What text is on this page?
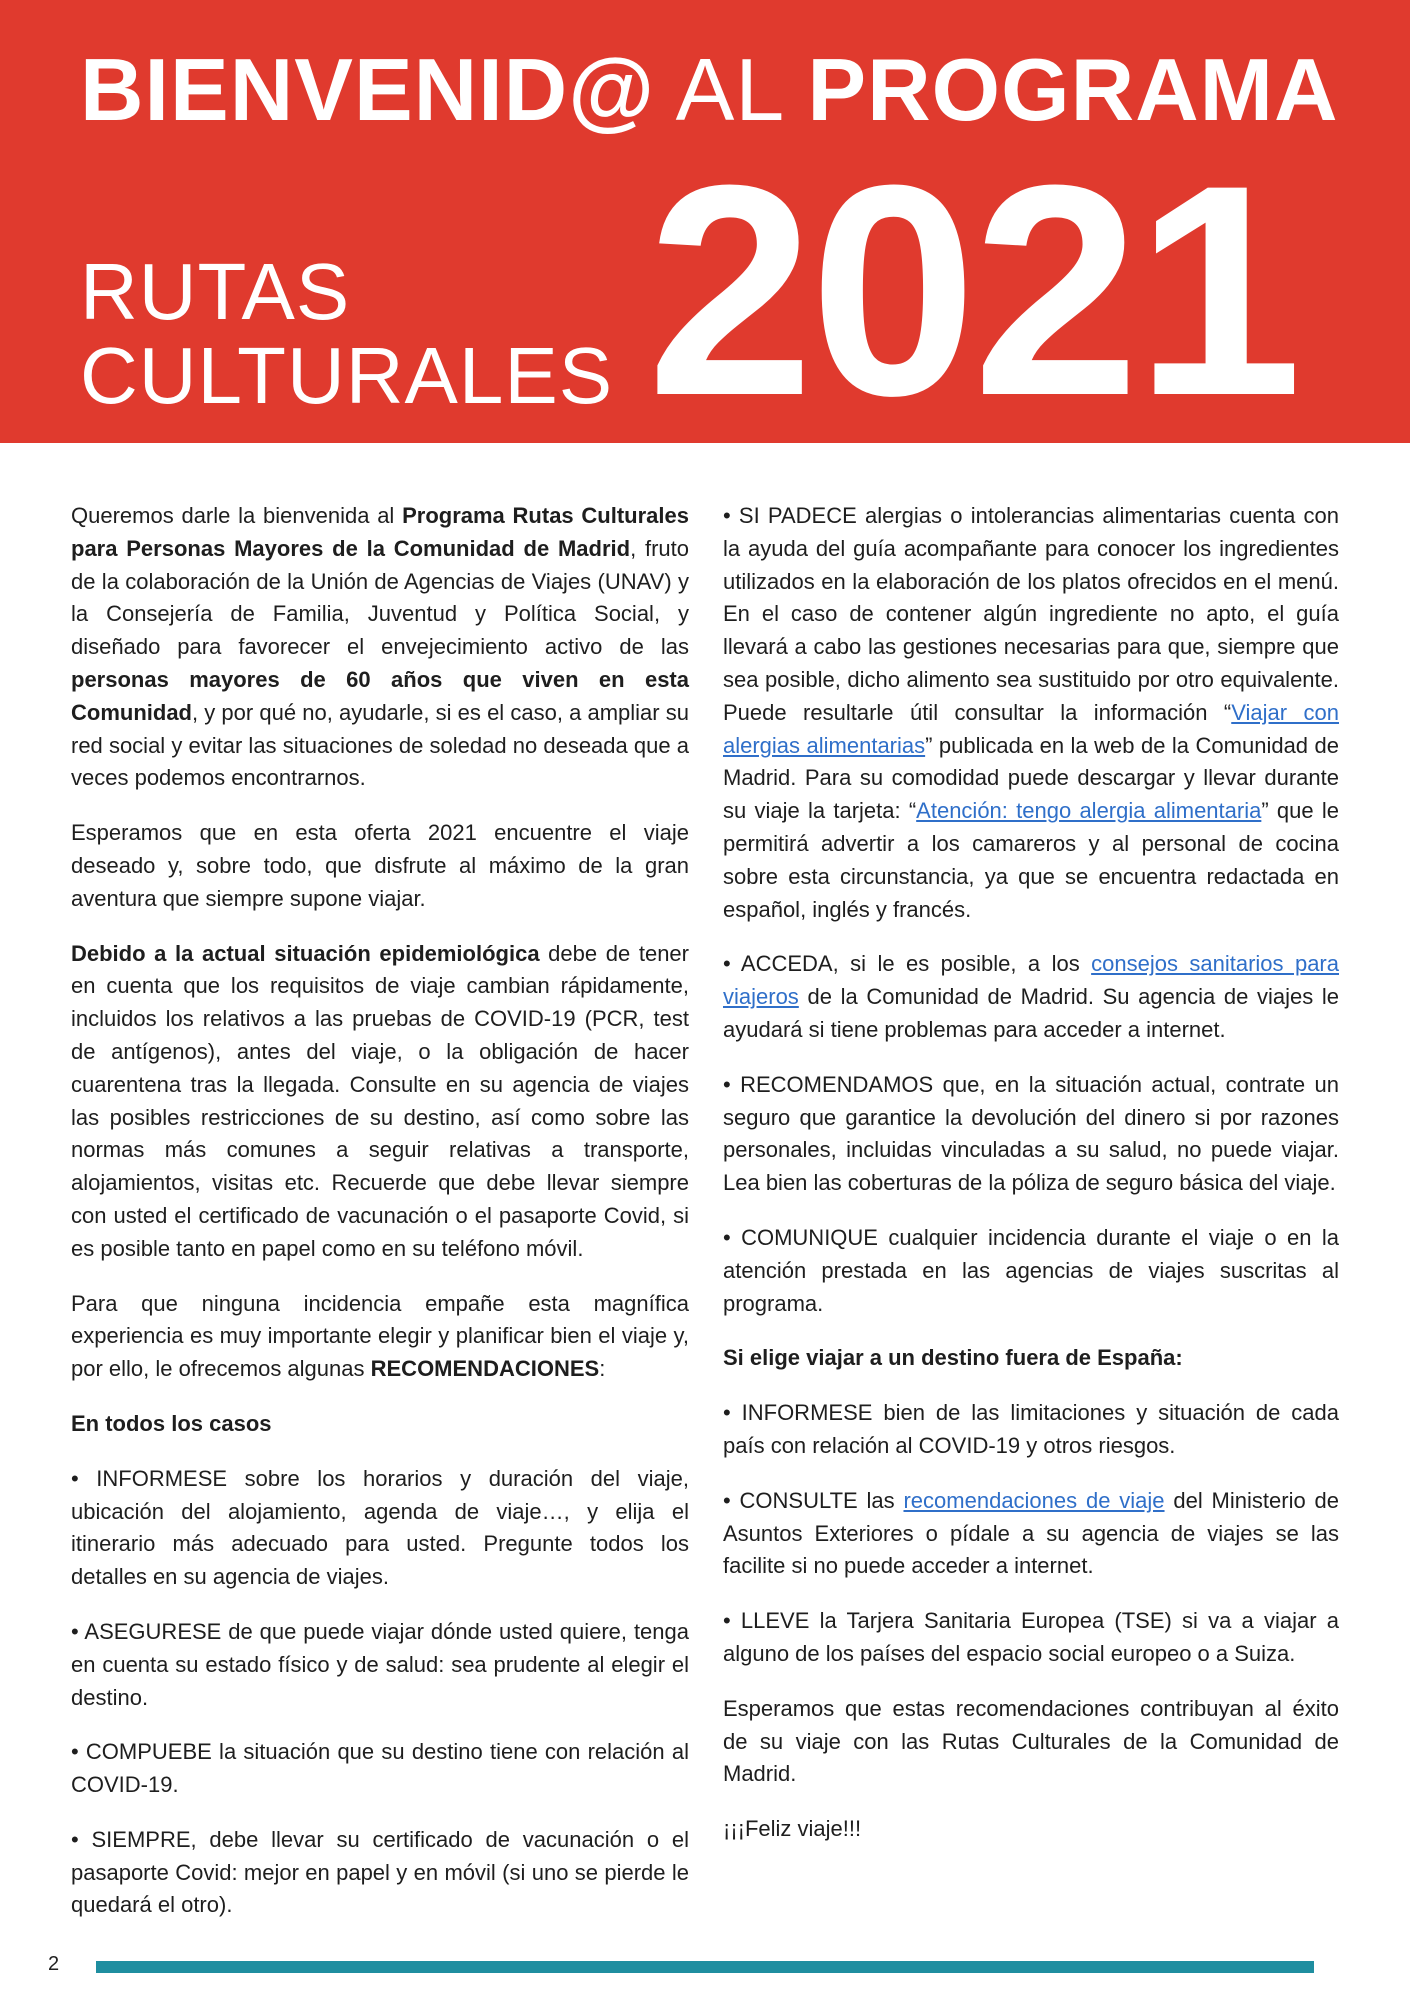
BIENVENID@ AL PROGRAMA
RUTAS
CULTURALES 2021

Queremos darle la bienvenida al Programa Rutas Culturales para Personas Mayores de la Comunidad de Madrid, fruto de la colaboración de la Unión de Agencias de Viajes (UNAV) y la Consejería de Familia, Juventud y Política Social, y diseñado para favorecer el envejecimiento activo de las personas mayores de 60 años que viven en esta Comunidad, y por qué no, ayudarle, si es el caso, a ampliar su red social y evitar las situaciones de soledad no deseada que a veces podemos encontrarnos.

Esperamos que en esta oferta 2021 encuentre el viaje deseado y, sobre todo, que disfrute al máximo de la gran aventura que siempre supone viajar.

Debido a la actual situación epidemiológica debe de tener en cuenta que los requisitos de viaje cambian rápidamente, incluidos los relativos a las pruebas de COVID-19 (PCR, test de antígenos), antes del viaje, o la obligación de hacer cuarentena tras la llegada. Consulte en su agencia de viajes las posibles restricciones de su destino, así como sobre las normas más comunes a seguir relativas a transporte, alojamientos, visitas etc. Recuerde que debe llevar siempre con usted el certificado de vacunación o el pasaporte Covid, si es posible tanto en papel como en su teléfono móvil.

Para que ninguna incidencia empañe esta magnífica experiencia es muy importante elegir y planificar bien el viaje y, por ello, le ofrecemos algunas RECOMENDACIONES:

En todos los casos

• INFORMESE sobre los horarios y duración del viaje, ubicación del alojamiento, agenda de viaje…, y elija el itinerario más adecuado para usted. Pregunte todos los detalles en su agencia de viajes.

• ASEGURESE de que puede viajar dónde usted quiere, tenga en cuenta su estado físico y de salud: sea prudente al elegir el destino.

• COMPUEBE la situación que su destino tiene con relación al COVID-19.

• SIEMPRE, debe llevar su certificado de vacunación o el pasaporte Covid: mejor en papel y en móvil (si uno se pierde le quedará el otro).

• SI PADECE alergias o intolerancias alimentarias cuenta con la ayuda del guía acompañante para conocer los ingredientes utilizados en la elaboración de los platos ofrecidos en el menú. En el caso de contener algún ingrediente no apto, el guía llevará a cabo las gestiones necesarias para que, siempre que sea posible, dicho alimento sea sustituido por otro equivalente. Puede resultarle útil consultar la información “Viajar con alergias alimentarias” publicada en la web de la Comunidad de Madrid. Para su comodidad puede descargar y llevar durante su viaje la tarjeta: “Atención: tengo alergia alimentaria” que le permitirá advertir a los camareros y al personal de cocina sobre esta circunstancia, ya que se encuentra redactada en español, inglés y francés.

• ACCEDA, si le es posible, a los consejos sanitarios para viajeros de la Comunidad de Madrid. Su agencia de viajes le ayudará si tiene problemas para acceder a internet.

• RECOMENDAMOS que, en la situación actual, contrate un seguro que garantice la devolución del dinero si por razones personales, incluidas vinculadas a su salud, no puede viajar. Lea bien las coberturas de la póliza de seguro básica del viaje.

• COMUNIQUE cualquier incidencia durante el viaje o en la atención prestada en las agencias de viajes suscritas al programa.

Si elige viajar a un destino fuera de España:

• INFORMESE bien de las limitaciones y situación de cada país con relación al COVID-19 y otros riesgos.

• CONSULTE las recomendaciones de viaje del Ministerio de Asuntos Exteriores o pídale a su agencia de viajes se las facilite si no puede acceder a internet.

• LLEVE la Tarjera Sanitaria Europea (TSE) si va a viajar a alguno de los países del espacio social europeo o a Suiza.

Esperamos que estas recomendaciones contribuyan al éxito de su viaje con las Rutas Culturales de la Comunidad de Madrid.

¡¡¡Feliz viaje!!!

2
